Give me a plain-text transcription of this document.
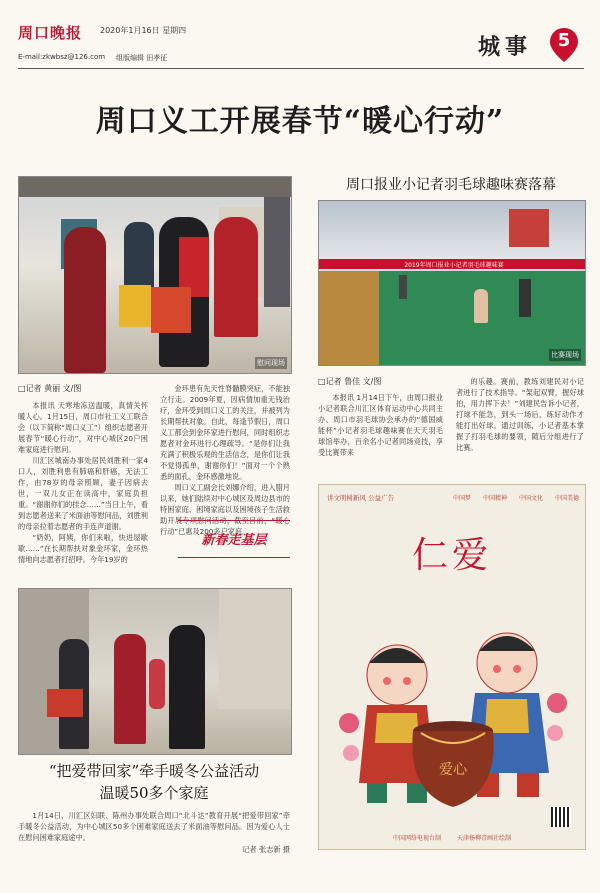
周口晚报 2020年1月16日 星期四
E-mail:zkwbsz@126.com 组版编辑 田孝征	城事	5
周口义工开展春节“暖心行动”
慰问现场
□记者 黄丽 文/图

本报讯 天寒地冻送温暖，真情关怀暖人心。1月15日，周口市社工义工联合会（以下简称“周口义工”）组织志愿者开展春节“暖心行动”，对中心城区20户困难家庭进行慰问。

川汇区城南办事处居民刘胜利一家4口人，刘胜利患有肺癌和肝癌，无法工作，由78岁的母亲照顾，妻子因病去世，一双儿女正在读高中，家庭负担重。“谢谢你们的挂念……”当日上午，看到志愿者送来了米面油等慰问品，刘胜利的母亲拉着志愿者的手连声道谢。

“奶奶，阿姨，你们来啦，快进屋歇歇……”在长期帮扶对象金环家，金环热情地向志愿者打招呼。今年19岁的

金环患有先天性脊髓膜突症，不能独立行走。2009年夏，因病情加重无钱治疗，金环受到周口义工的关注，并被列为长期帮扶对象。自此，每逢节假日，周口义工都会到金环家进行慰问，同时组织志愿者对金环进行心理疏导。“是你们让我充满了积极乐观的生活信念，是你们让我不觉得孤单，谢谢你们！”面对一个个熟悉的面孔，金环感激地说。

周口义工副会长刘娜介绍，进入腊月以来，她们陆续对中心城区及周边县市的特困家庭、困境家庭以及困境孩子生活救助开展专项慰问活动，截至目前，“暖心行动”已惠及200多户家庭。

新春走基层
周口报业小记者羽毛球趣味赛落幕
2019年周口报业小记者羽毛球趣味赛
比赛现场
□记者 鲁佳 文/图

本报讯 1月14日下午，由周口报业小记者联合川汇区体育运动中心共同主办、周口市羽毛球协会承办的“德国威能杯”小记者羽毛球趣味赛在天天羽毛球馆举办，百余名小记者同场竞技，享受比赛带来

的乐趣。赛前，教练刘建民对小记者进行了技术指导。“架起双臂，握好球拍，用力挥下去！”刘建民告诉小记者，打球不能急，到头一场后，练好动作才能打出好球。通过训练，小记者基本掌握了打羽毛球的要领，随后分组进行了比赛。

“把爱带回家”牵手暖冬公益活动
温暖50多个家庭

1月14日，川汇区妇联、陈州办事处联合周口“北斗达”教育开展“把爱带回家”牵手暖冬公益活动，为中心城区50多个困难家庭送去了米面油等慰问品。因为爱心人士在慰问困难家庭途中。

记者 张志新 摄
讲文明树新风 公益广告	中国梦 中国精神 中国文化 中国美德
仁爱
爱心
中国网络电视台制	天津杨柳青画社绘制
